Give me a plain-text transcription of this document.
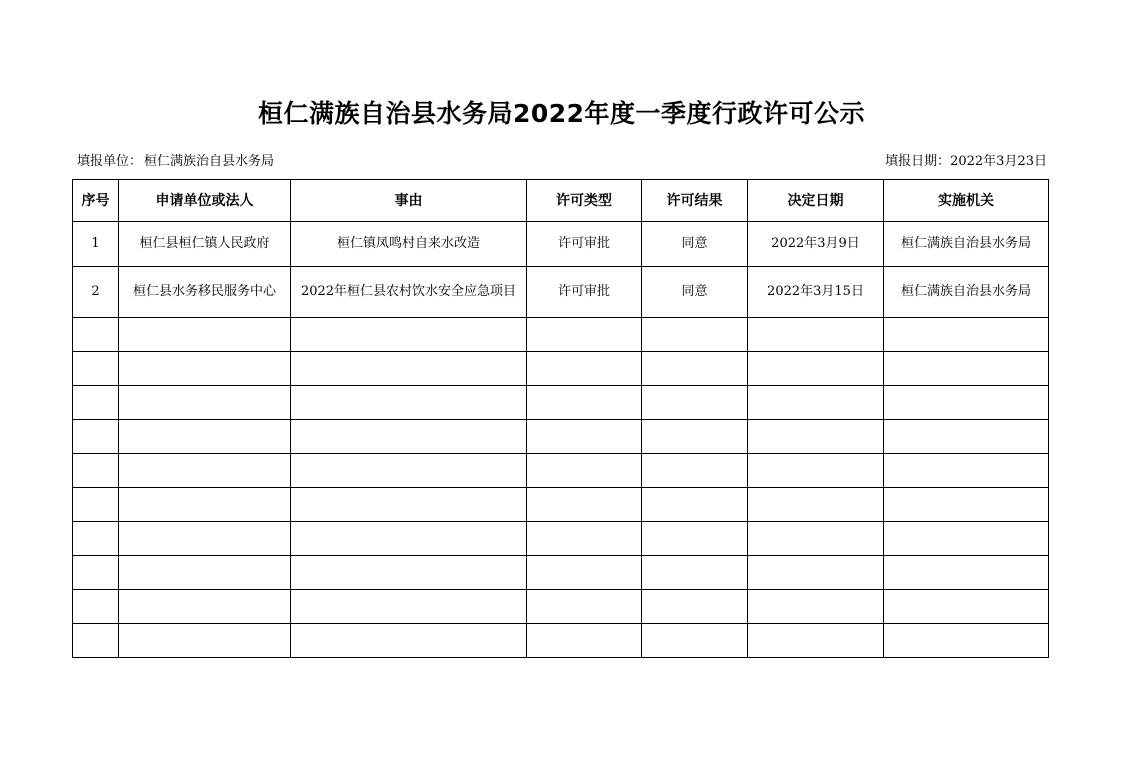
桓仁满族自治县水务局2022年度一季度行政许可公示
填报单位： 桓仁满族治自县水务局	填报日期：2022年3月23日
序号	申请单位或法人	事由	许可类型	许可结果	决定日期	实施机关
1	桓仁县桓仁镇人民政府	桓仁镇凤鸣村自来水改造	许可审批	同意	2022年3月9日	桓仁满族自治县水务局
2	桓仁县水务移民服务中心	2022年桓仁县农村饮水安全应急项目	许可审批	同意	2022年3月15日	桓仁满族自治县水务局
